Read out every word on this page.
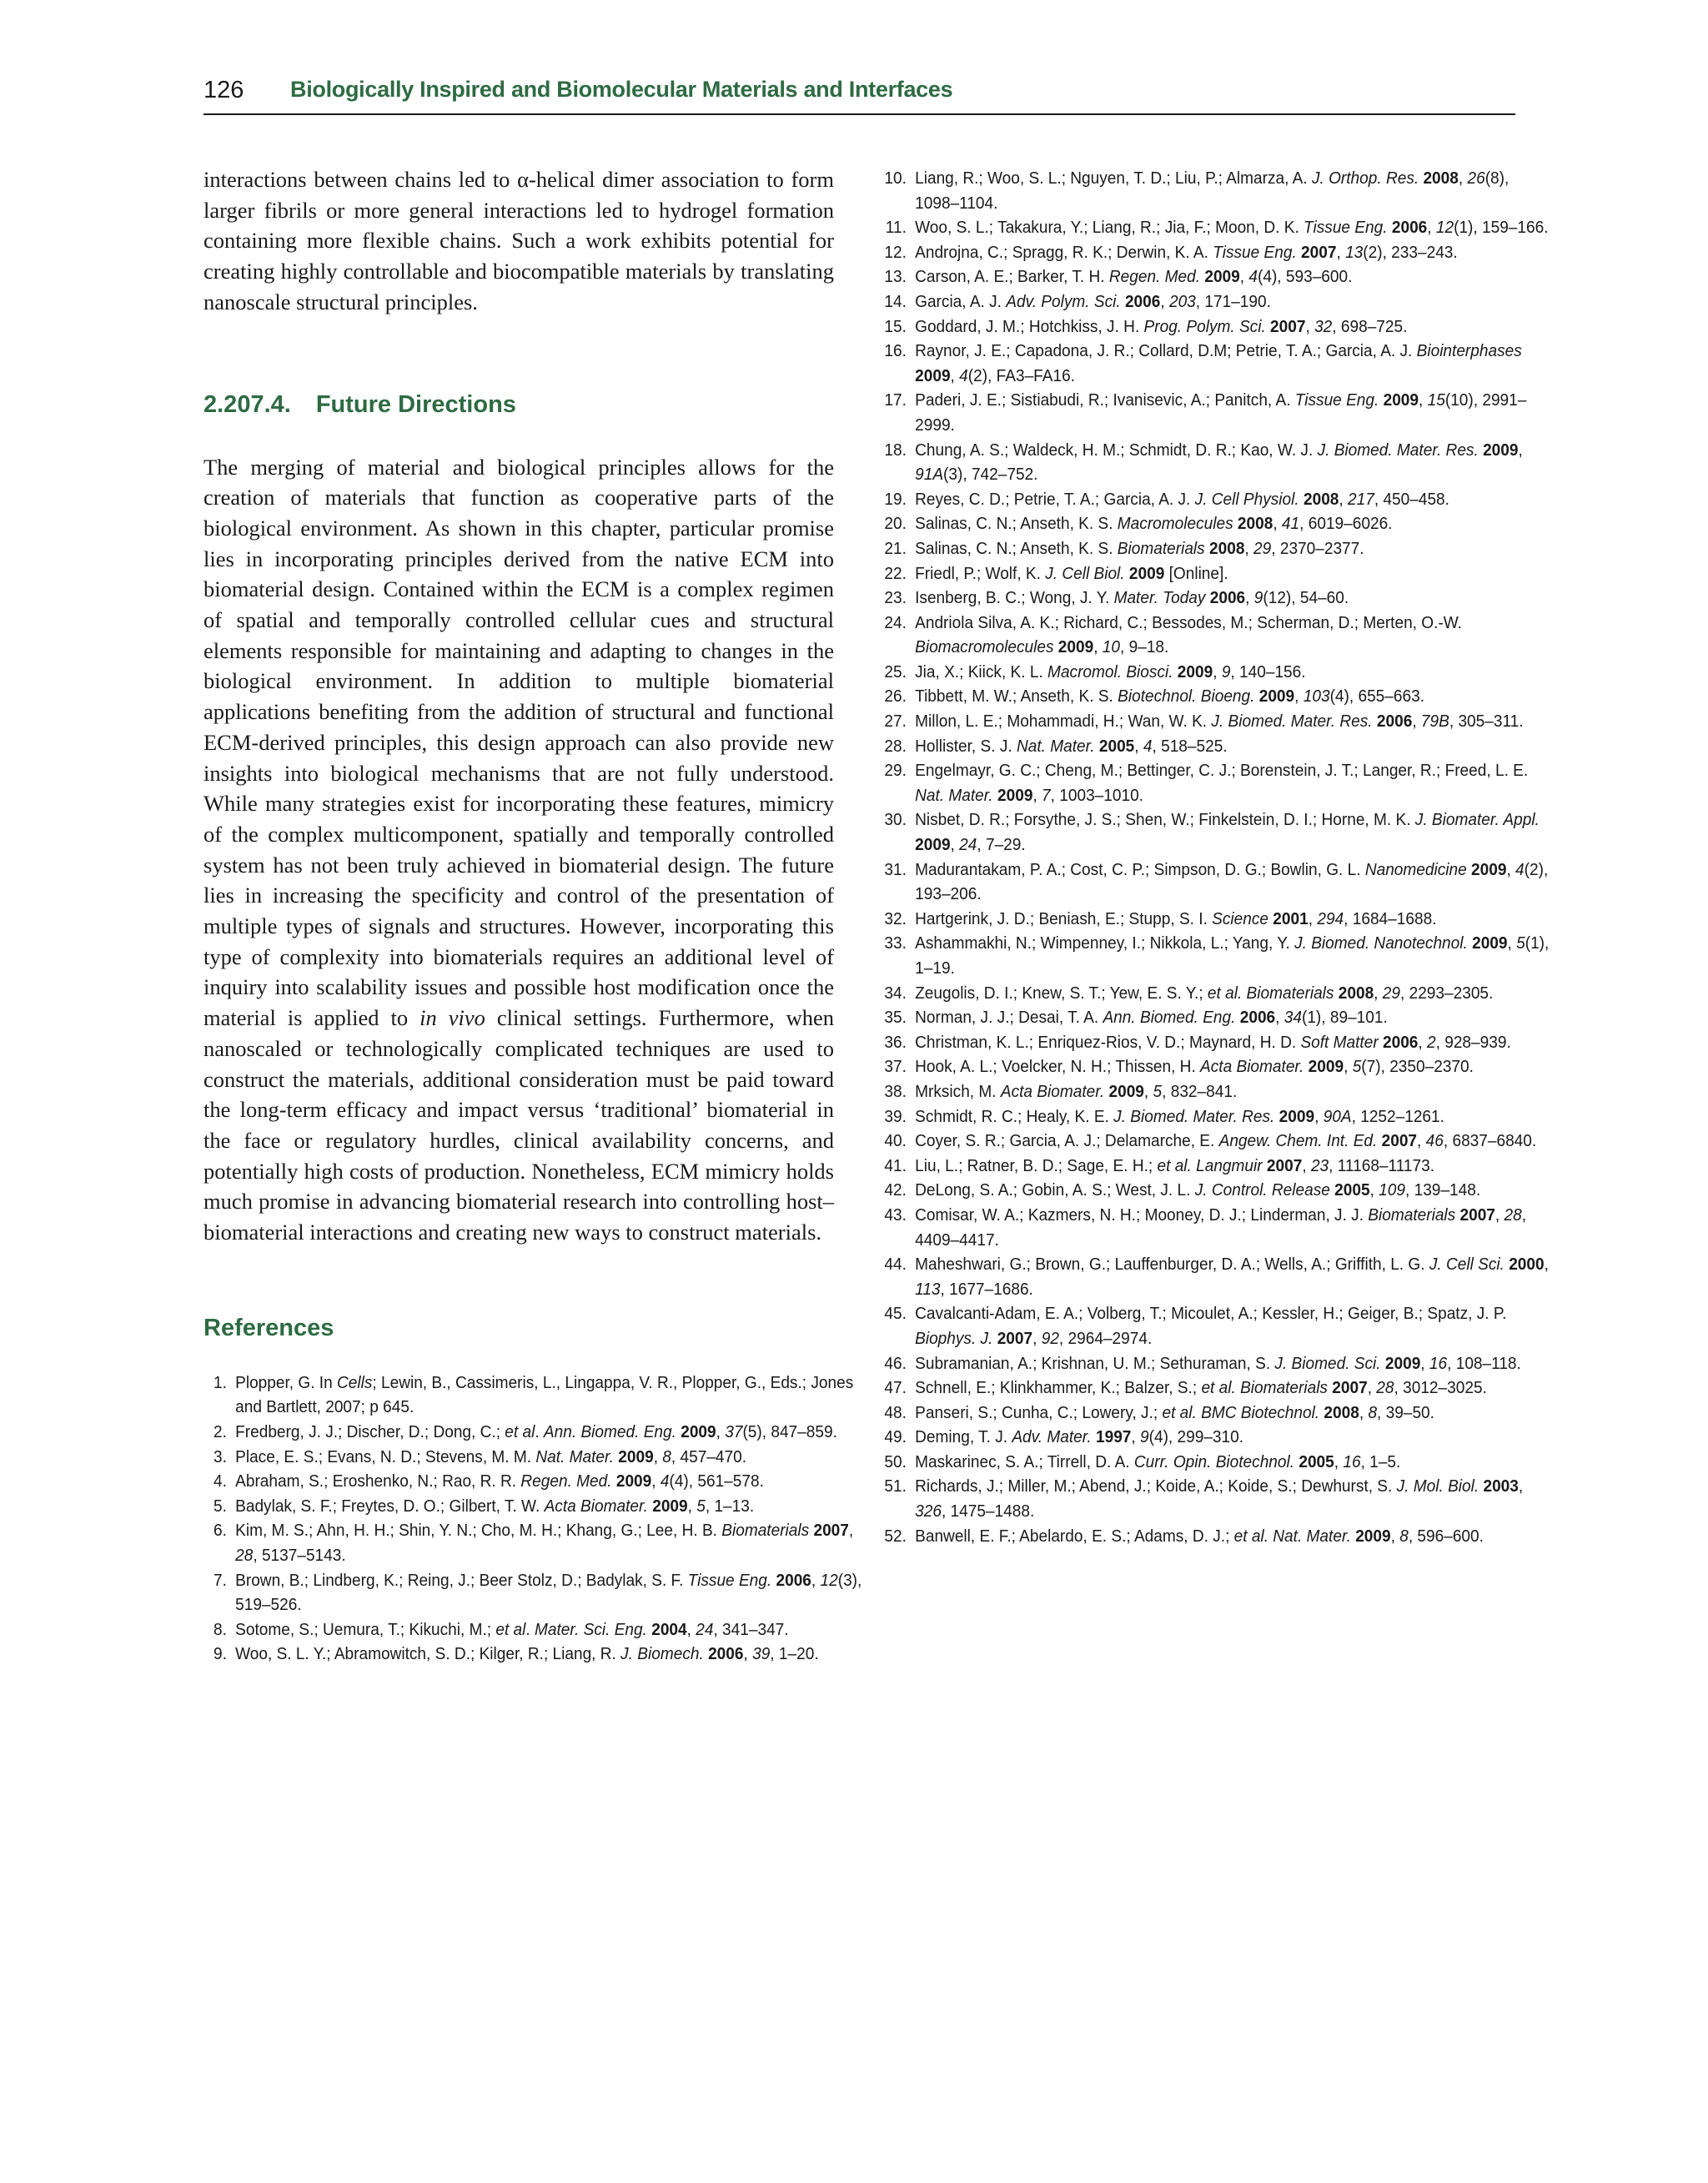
126 Biologically Inspired and Biomolecular Materials and Interfaces

interactions between chains led to α-helical dimer association to form larger fibrils or more general interactions led to hydrogel formation containing more flexible chains. Such a work exhibits potential for creating highly controllable and biocompatible materials by translating nanoscale structural principles.

2.207.4. Future Directions

The merging of material and biological principles allows for the creation of materials that function as cooperative parts of the biological environment. As shown in this chapter, particular promise lies in incorporating principles derived from the native ECM into biomaterial design. Contained within the ECM is a complex regimen of spatial and temporally controlled cellular cues and structural elements responsible for maintaining and adapting to changes in the biological environment. In addition to multiple biomaterial applications benefiting from the addition of structural and functional ECM-derived principles, this design approach can also provide new insights into biological mechanisms that are not fully understood. While many strategies exist for incorporating these features, mimicry of the complex multicomponent, spatially and temporally controlled system has not been truly achieved in biomaterial design. The future lies in increasing the specificity and control of the presentation of multiple types of signals and structures. However, incorporating this type of complexity into biomaterials requires an additional level of inquiry into scalability issues and possible host modification once the material is applied to in vivo clinical settings. Furthermore, when nanoscaled or technologically complicated techniques are used to construct the materials, additional consideration must be paid toward the long-term efficacy and impact versus ‘traditional’ biomaterial in the face or regulatory hurdles, clinical availability concerns, and potentially high costs of production. Nonetheless, ECM mimicry holds much promise in advancing biomaterial research into controlling host–biomaterial interactions and creating new ways to construct materials.

References
1. Plopper, G. In Cells; Lewin, B., Cassimeris, L., Lingappa, V. R., Plopper, G., Eds.; Jones and Bartlett, 2007; p 645.
2. Fredberg, J. J.; Discher, D.; Dong, C.; et al. Ann. Biomed. Eng. 2009, 37(5), 847–859.
3. Place, E. S.; Evans, N. D.; Stevens, M. M. Nat. Mater. 2009, 8, 457–470.
4. Abraham, S.; Eroshenko, N.; Rao, R. R. Regen. Med. 2009, 4(4), 561–578.
5. Badylak, S. F.; Freytes, D. O.; Gilbert, T. W. Acta Biomater. 2009, 5, 1–13.
6. Kim, M. S.; Ahn, H. H.; Shin, Y. N.; Cho, M. H.; Khang, G.; Lee, H. B. Biomaterials 2007, 28, 5137–5143.
7. Brown, B.; Lindberg, K.; Reing, J.; Beer Stolz, D.; Badylak, S. F. Tissue Eng. 2006, 12(3), 519–526.
8. Sotome, S.; Uemura, T.; Kikuchi, M.; et al. Mater. Sci. Eng. 2004, 24, 341–347.
9. Woo, S. L. Y.; Abramowitch, S. D.; Kilger, R.; Liang, R. J. Biomech. 2006, 39, 1–20.
10. Liang, R.; Woo, S. L.; Nguyen, T. D.; Liu, P.; Almarza, A. J. Orthop. Res. 2008, 26(8), 1098–1104.
11. Woo, S. L.; Takakura, Y.; Liang, R.; Jia, F.; Moon, D. K. Tissue Eng. 2006, 12(1), 159–166.
12. Androjna, C.; Spragg, R. K.; Derwin, K. A. Tissue Eng. 2007, 13(2), 233–243.
13. Carson, A. E.; Barker, T. H. Regen. Med. 2009, 4(4), 593–600.
14. Garcia, A. J. Adv. Polym. Sci. 2006, 203, 171–190.
15. Goddard, J. M.; Hotchkiss, J. H. Prog. Polym. Sci. 2007, 32, 698–725.
16. Raynor, J. E.; Capadona, J. R.; Collard, D.M; Petrie, T. A.; Garcia, A. J. Biointerphases 2009, 4(2), FA3–FA16.
17. Paderi, J. E.; Sistiabudi, R.; Ivanisevic, A.; Panitch, A. Tissue Eng. 2009, 15(10), 2991–2999.
18. Chung, A. S.; Waldeck, H. M.; Schmidt, D. R.; Kao, W. J. J. Biomed. Mater. Res. 2009, 91A(3), 742–752.
19. Reyes, C. D.; Petrie, T. A.; Garcia, A. J. J. Cell Physiol. 2008, 217, 450–458.
20. Salinas, C. N.; Anseth, K. S. Macromolecules 2008, 41, 6019–6026.
21. Salinas, C. N.; Anseth, K. S. Biomaterials 2008, 29, 2370–2377.
22. Friedl, P.; Wolf, K. J. Cell Biol. 2009 [Online].
23. Isenberg, B. C.; Wong, J. Y. Mater. Today 2006, 9(12), 54–60.
24. Andriola Silva, A. K.; Richard, C.; Bessodes, M.; Scherman, D.; Merten, O.-W. Biomacromolecules 2009, 10, 9–18.
25. Jia, X.; Kiick, K. L. Macromol. Biosci. 2009, 9, 140–156.
26. Tibbett, M. W.; Anseth, K. S. Biotechnol. Bioeng. 2009, 103(4), 655–663.
27. Millon, L. E.; Mohammadi, H.; Wan, W. K. J. Biomed. Mater. Res. 2006, 79B, 305–311.
28. Hollister, S. J. Nat. Mater. 2005, 4, 518–525.
29. Engelmayr, G. C.; Cheng, M.; Bettinger, C. J.; Borenstein, J. T.; Langer, R.; Freed, L. E. Nat. Mater. 2009, 7, 1003–1010.
30. Nisbet, D. R.; Forsythe, J. S.; Shen, W.; Finkelstein, D. I.; Horne, M. K. J. Biomater. Appl. 2009, 24, 7–29.
31. Madurantakam, P. A.; Cost, C. P.; Simpson, D. G.; Bowlin, G. L. Nanomedicine 2009, 4(2), 193–206.
32. Hartgerink, J. D.; Beniash, E.; Stupp, S. I. Science 2001, 294, 1684–1688.
33. Ashammakhi, N.; Wimpenney, I.; Nikkola, L.; Yang, Y. J. Biomed. Nanotechnol. 2009, 5(1), 1–19.
34. Zeugolis, D. I.; Knew, S. T.; Yew, E. S. Y.; et al. Biomaterials 2008, 29, 2293–2305.
35. Norman, J. J.; Desai, T. A. Ann. Biomed. Eng. 2006, 34(1), 89–101.
36. Christman, K. L.; Enriquez-Rios, V. D.; Maynard, H. D. Soft Matter 2006, 2, 928–939.
37. Hook, A. L.; Voelcker, N. H.; Thissen, H. Acta Biomater. 2009, 5(7), 2350–2370.
38. Mrksich, M. Acta Biomater. 2009, 5, 832–841.
39. Schmidt, R. C.; Healy, K. E. J. Biomed. Mater. Res. 2009, 90A, 1252–1261.
40. Coyer, S. R.; Garcia, A. J.; Delamarche, E. Angew. Chem. Int. Ed. 2007, 46, 6837–6840.
41. Liu, L.; Ratner, B. D.; Sage, E. H.; et al. Langmuir 2007, 23, 11168–11173.
42. DeLong, S. A.; Gobin, A. S.; West, J. L. J. Control. Release 2005, 109, 139–148.
43. Comisar, W. A.; Kazmers, N. H.; Mooney, D. J.; Linderman, J. J. Biomaterials 2007, 28, 4409–4417.
44. Maheshwari, G.; Brown, G.; Lauffenburger, D. A.; Wells, A.; Griffith, L. G. J. Cell Sci. 2000, 113, 1677–1686.
45. Cavalcanti-Adam, E. A.; Volberg, T.; Micoulet, A.; Kessler, H.; Geiger, B.; Spatz, J. P. Biophys. J. 2007, 92, 2964–2974.
46. Subramanian, A.; Krishnan, U. M.; Sethuraman, S. J. Biomed. Sci. 2009, 16, 108–118.
47. Schnell, E.; Klinkhammer, K.; Balzer, S.; et al. Biomaterials 2007, 28, 3012–3025.
48. Panseri, S.; Cunha, C.; Lowery, J.; et al. BMC Biotechnol. 2008, 8, 39–50.
49. Deming, T. J. Adv. Mater. 1997, 9(4), 299–310.
50. Maskarinec, S. A.; Tirrell, D. A. Curr. Opin. Biotechnol. 2005, 16, 1–5.
51. Richards, J.; Miller, M.; Abend, J.; Koide, A.; Koide, S.; Dewhurst, S. J. Mol. Biol. 2003, 326, 1475–1488.
52. Banwell, E. F.; Abelardo, E. S.; Adams, D. J.; et al. Nat. Mater. 2009, 8, 596–600.
